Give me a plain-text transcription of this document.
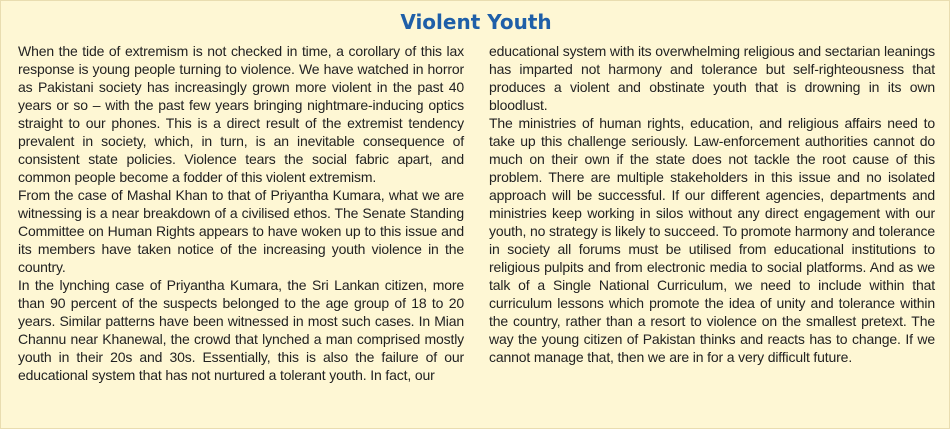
Violent Youth

When the tide of extremism is not checked in time, a corollary of this lax response is young people turning to violence. We have watched in horror as Pakistani society has increasingly grown more violent in the past 40 years or so – with the past few years bringing nightmare-inducing optics straight to our phones. This is a direct result of the extremist tendency prevalent in society, which, in turn, is an inevitable consequence of consistent state policies. Violence tears the social fabric apart, and common people become a fodder of this violent extremism.

From the case of Mashal Khan to that of Priyantha Kumara, what we are witnessing is a near breakdown of a civilised ethos. The Senate Standing Committee on Human Rights appears to have woken up to this issue and its members have taken notice of the increasing youth violence in the country.

In the lynching case of Priyantha Kumara, the Sri Lankan citizen, more than 90 percent of the suspects belonged to the age group of 18 to 20 years. Similar patterns have been witnessed in most such cases. In Mian Channu near Khanewal, the crowd that lynched a man comprised mostly youth in their 20s and 30s. Essentially, this is also the failure of our educational system that has not nurtured a tolerant youth. In fact, our

educational system with its overwhelming religious and sectarian leanings has imparted not harmony and tolerance but self-righteousness that produces a violent and obstinate youth that is drowning in its own bloodlust.

The ministries of human rights, education, and religious affairs need to take up this challenge seriously. Law-enforcement authorities cannot do much on their own if the state does not tackle the root cause of this problem. There are multiple stakeholders in this issue and no isolated approach will be successful. If our different agencies, departments and ministries keep working in silos without any direct engagement with our youth, no strategy is likely to succeed. To promote harmony and tolerance in society all forums must be utilised from educational institutions to religious pulpits and from electronic media to social platforms. And as we talk of a Single National Curriculum, we need to include within that curriculum lessons which promote the idea of unity and tolerance within the country, rather than a resort to violence on the smallest pretext. The way the young citizen of Pakistan thinks and reacts has to change. If we cannot manage that, then we are in for a very difficult future.
